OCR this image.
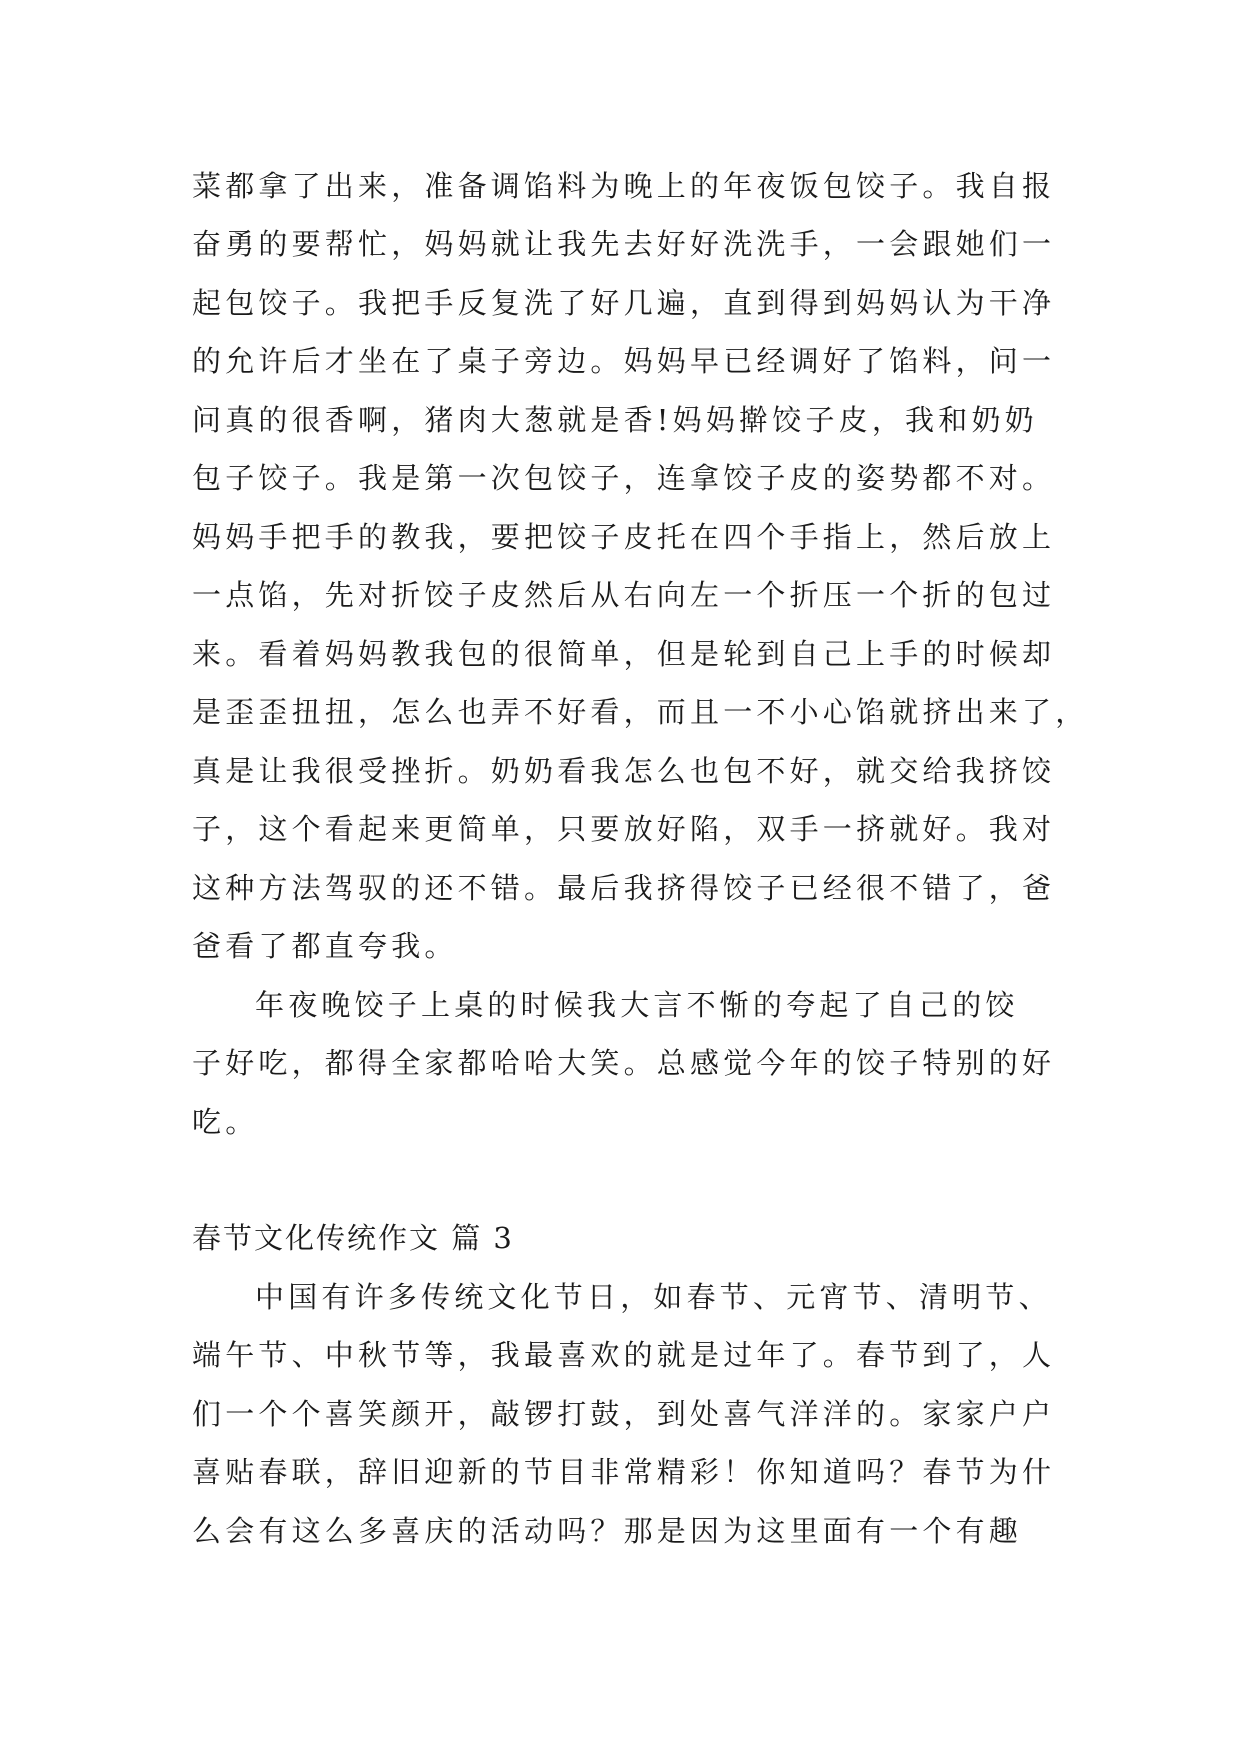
菜都拿了出来，准备调馅料为晚上的年夜饭包饺子。我自报
奋勇的要帮忙，妈妈就让我先去好好洗洗手，一会跟她们一
起包饺子。我把手反复洗了好几遍，直到得到妈妈认为干净
的允许后才坐在了桌子旁边。妈妈早已经调好了馅料，问一
问真的很香啊，猪肉大葱就是香!妈妈擀饺子皮，我和奶奶
包子饺子。我是第一次包饺子，连拿饺子皮的姿势都不对。
妈妈手把手的教我，要把饺子皮托在四个手指上，然后放上
一点馅，先对折饺子皮然后从右向左一个折压一个折的包过
来。看着妈妈教我包的很简单，但是轮到自己上手的时候却
是歪歪扭扭，怎么也弄不好看，而且一不小心馅就挤出来了，
真是让我很受挫折。奶奶看我怎么也包不好，就交给我挤饺
子，这个看起来更简单，只要放好陷，双手一挤就好。我对
这种方法驾驭的还不错。最后我挤得饺子已经很不错了，爸
爸看了都直夸我。
年夜晚饺子上桌的时候我大言不惭的夸起了自己的饺
子好吃，都得全家都哈哈大笑。总感觉今年的饺子特别的好
吃。
春节文化传统作文 篇 3
中国有许多传统文化节日，如春节、元宵节、清明节、
端午节、中秋节等，我最喜欢的就是过年了。春节到了，人
们一个个喜笑颜开，敲锣打鼓，到处喜气洋洋的。家家户户
喜贴春联，辞旧迎新的节目非常精彩！你知道吗？春节为什
么会有这么多喜庆的活动吗？那是因为这里面有一个有趣
